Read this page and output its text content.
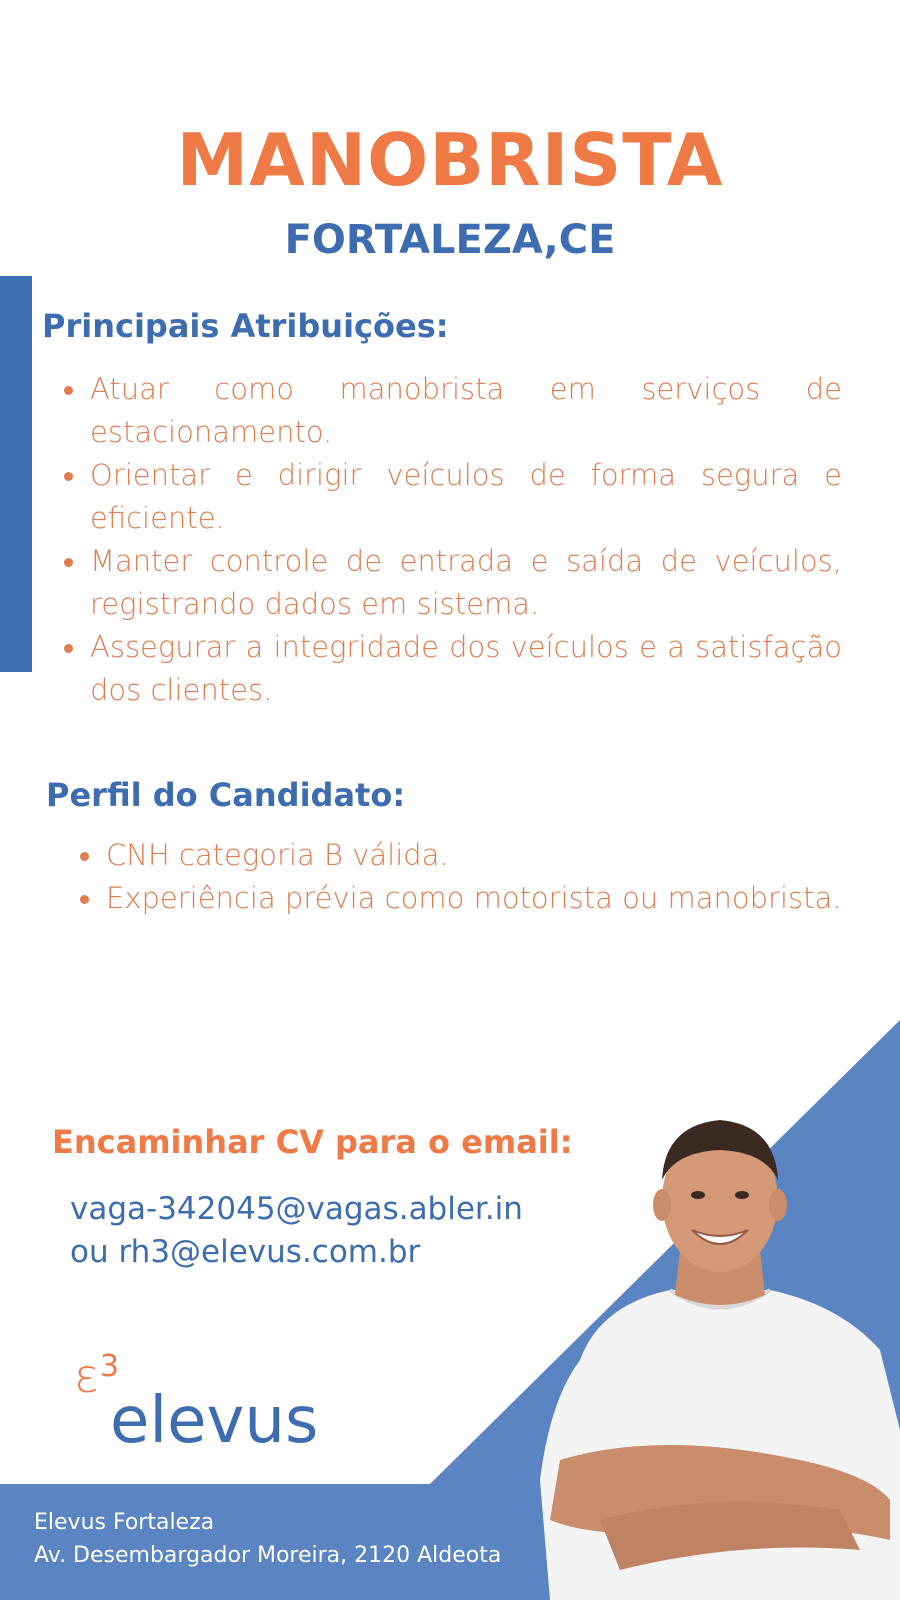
MANOBRISTA
FORTALEZA,CE
Principais Atribuições:
Atuar como manobrista em serviços de estacionamento.
Orientar e dirigir veículos de forma segura e eficiente.
Manter controle de entrada e saída de veículos, registrando dados em sistema.
Assegurar a integridade dos veículos e a satisfação dos clientes.
Perfil do Candidato:
CNH categoria B válida.
Experiência prévia como motorista ou manobrista.
Encaminhar CV para o email:
vaga-342045@vagas.abler.in
ou rh3@elevus.com.br
ε 3
elevus
Elevus Fortaleza
Av. Desembargador Moreira, 2120 Aldeota
